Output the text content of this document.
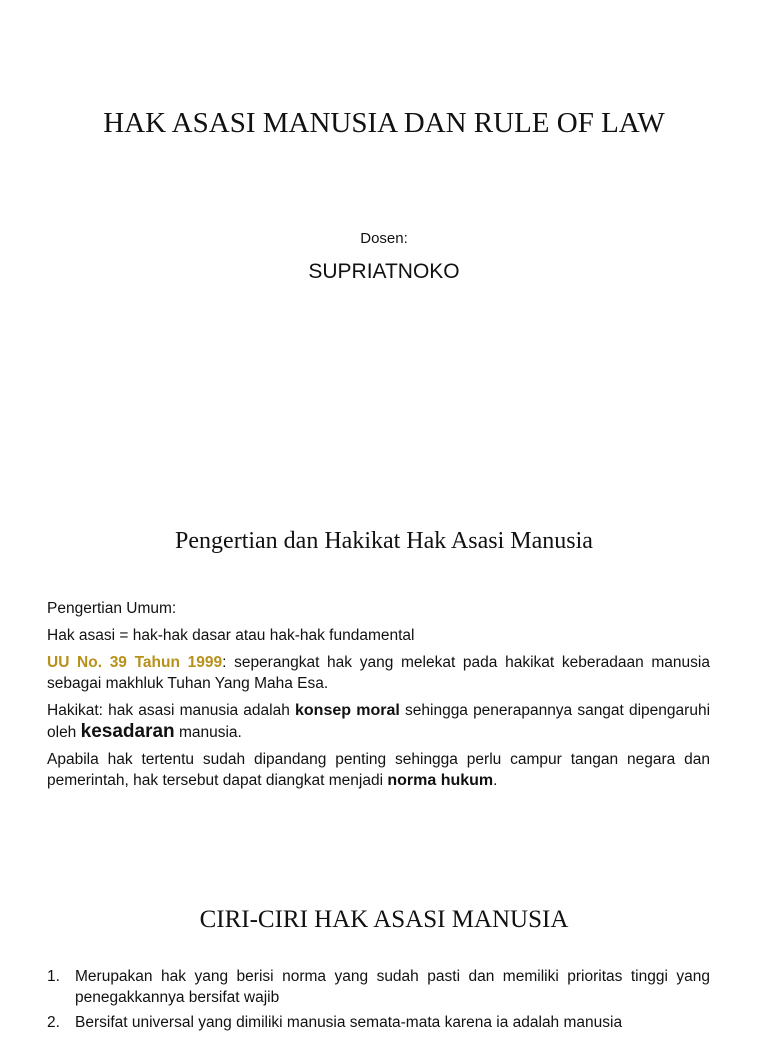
HAK ASASI MANUSIA DAN RULE OF LAW
Dosen:
SUPRIATNOKO
Pengertian dan Hakikat Hak Asasi Manusia

Pengertian Umum:

Hak asasi = hak-hak dasar atau hak-hak fundamental

UU No. 39 Tahun 1999: seperangkat hak yang melekat pada hakikat keberadaan manusia sebagai makhluk Tuhan Yang Maha Esa.

Hakikat: hak asasi manusia adalah konsep moral sehingga penerapannya sangat dipengaruhi oleh kesadaran manusia.

Apabila hak tertentu sudah dipandang penting sehingga perlu campur tangan negara dan pemerintah, hak tersebut dapat diangkat menjadi norma hukum.

CIRI-CIRI HAK ASASI MANUSIA
1. Merupakan hak yang berisi norma yang sudah pasti dan memiliki prioritas tinggi yang penegakkannya bersifat wajib
2. Bersifat universal yang dimiliki manusia semata-mata karena ia adalah manusia
